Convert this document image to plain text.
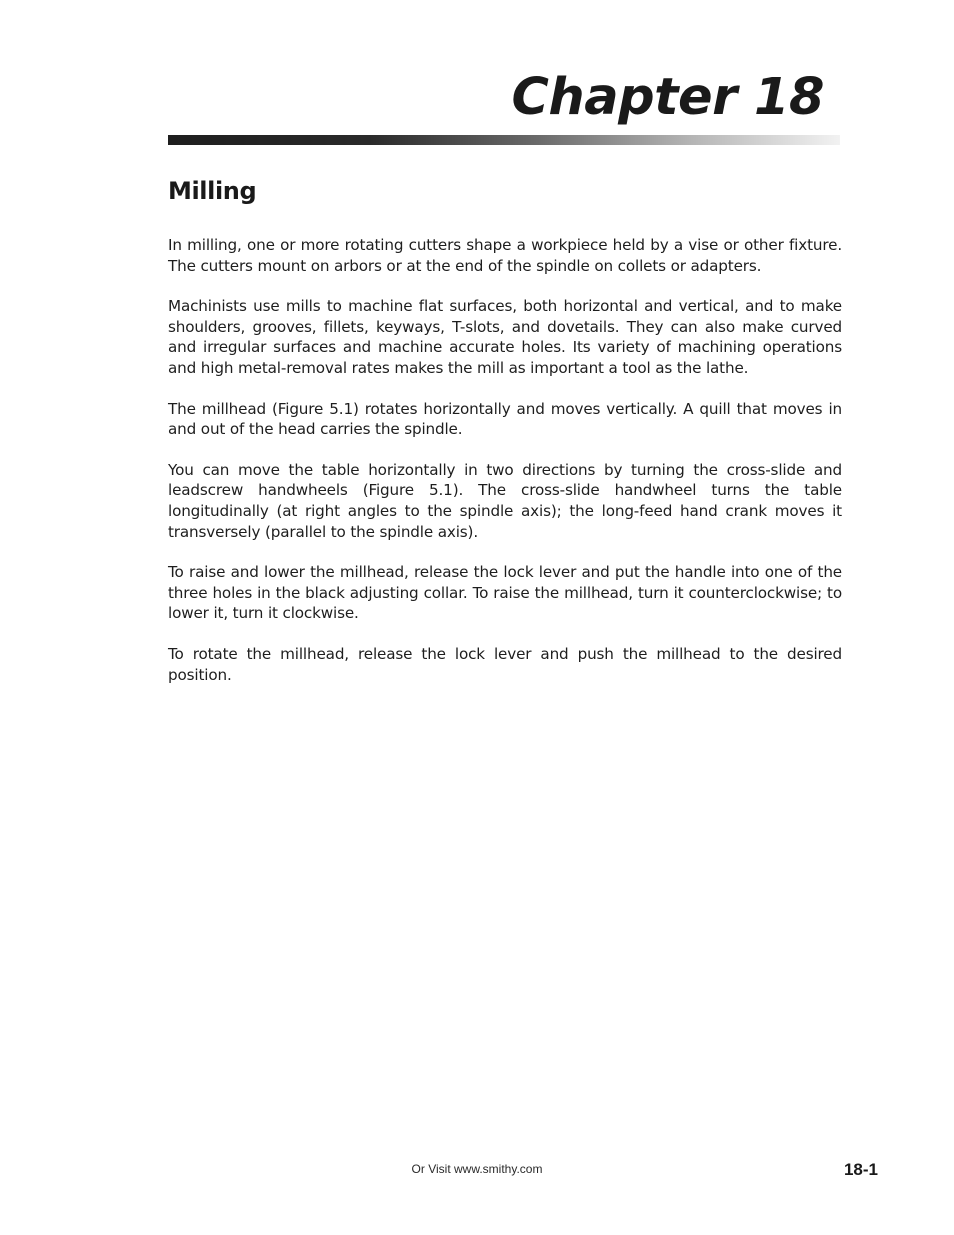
Chapter 18
Milling

In milling, one or more rotating cutters shape a workpiece held by a vise or other fixture. The cutters mount on arbors or at the end of the spindle on collets or adapters.

Machinists use mills to machine flat surfaces, both horizontal and vertical, and to make shoulders, grooves, fillets, keyways, T-slots, and dovetails. They can also make curved and irregular surfaces and machine accurate holes. Its variety of machining operations and high metal-removal rates makes the mill as important a tool as the lathe.

The millhead (Figure 5.1) rotates horizontally and moves vertically. A quill that moves in and out of the head carries the spindle.

You can move the table horizontally in two directions by turning the cross-slide and leadscrew handwheels (Figure 5.1). The cross-slide handwheel turns the table longitudinally (at right angles to the spindle axis); the long-feed hand crank moves it transversely (parallel to the spindle axis).

To raise and lower the millhead, release the lock lever and put the handle into one of the three holes in the black adjusting collar. To raise the millhead, turn it counterclockwise; to lower it, turn it clockwise.

To rotate the millhead, release the lock lever and push the millhead to the desired position.

Or Visit www.smithy.com	18-1
